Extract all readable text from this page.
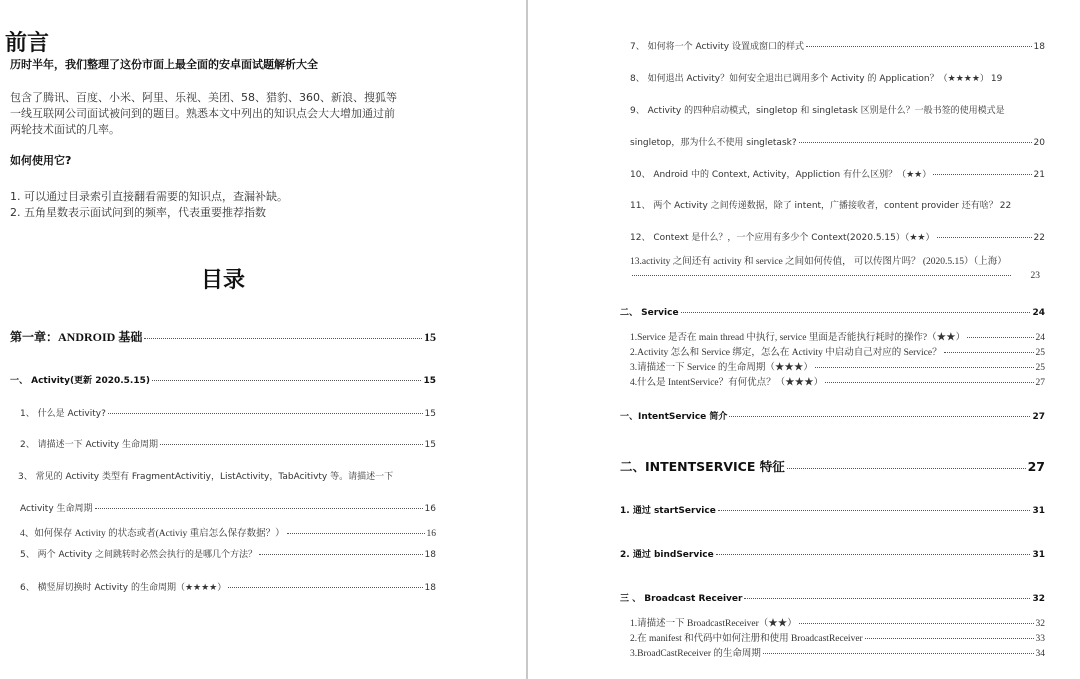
前言
历时半年，我们整理了这份市面上最全面的安卓面试题解析大全
包含了腾讯、百度、小米、阿里、乐视、美团、58、猎豹、360、新浪、搜狐等
一线互联网公司面试被问到的题目。熟悉本文中列出的知识点会大大增加通过前
两轮技术面试的几率。
如何使用它?
1. 可以通过目录索引直接翻看需要的知识点，查漏补缺。
2. 五角星数表示面试问到的频率，代表重要推荐指数
目录
第一章：ANDROID 基础	15
一、 Activity(更新 2020.5.15)	15
1、 什么是 Activity?	15
2、 请描述一下 Activity 生命周期	15
3、 常见的 Activity 类型有 FragmentActivitiy，ListActivity，TabAcitivty 等。请描述一下
Activity 生命周期	16
4、如何保存 Activity 的状态或者(Activiy 重启怎么保存数据？）	16
5、 两个 Activity 之间跳转时必然会执行的是哪几个方法？	18
6、 横竖屏切换时 Activity 的生命周期（★★★★）	18
7、 如何将一个 Activity 设置成窗口的样式	18
8、 如何退出 Activity？如何安全退出已调用多个 Activity 的 Application？（★★★★） 19
9、 Activity 的四种启动模式，singletop 和 singletask 区别是什么？一般书签的使用模式是
singletop，那为什么不使用 singletask?	20
10、 Android 中的 Context, Activity，Appliction 有什么区别？（★★）	21
11、 两个 Activity 之间传递数据，除了 intent，广播接收者，content provider 还有啥？ 22
12、 Context 是什么？，一个应用有多少个 Context(2020.5.15）（★★）	22
13.activity 之间还有 activity 和 service 之间如何传值， 可以传图片吗？ (2020.5.15）（上海）
23
二、 Service	24
1.Service 是否在 main thread 中执行, service 里面是否能执行耗时的操作?（★★）	24
2.Activity 怎么和 Service 绑定，怎么在 Activity 中启动自己对应的 Service？	25
3.请描述一下 Service 的生命周期（★★★）	25
4.什么是 IntentService？有何优点？（★★★）	27
一、IntentService 简介	27
二、INTENTSERVICE 特征	27
1. 通过 startService	31
2. 通过 bindService	31
三 、 Broadcast Receiver	32
1.请描述一下 BroadcastReceiver（★★）	32
2.在 manifest 和代码中如何注册和使用 BroadcastReceiver	33
3.BroadCastReceiver 的生命周期	34
